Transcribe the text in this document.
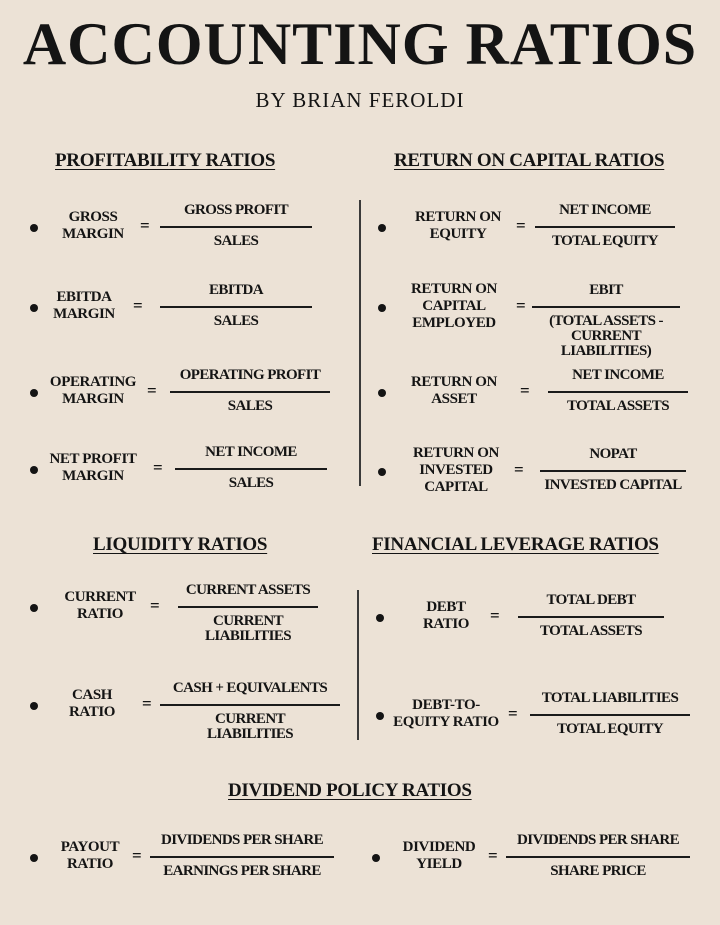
ACCOUNTING RATIOS
BY BRIAN FEROLDI
PROFITABILITY RATIOS	RETURN ON CAPITAL RATIOS
LIQUIDITY RATIOS	FINANCIAL LEVERAGE RATIOS
DIVIDEND POLICY RATIOS
GROSS
MARGIN =
GROSS PROFIT
SALES
EBITDA
MARGIN	=
EBITDA
SALES
OPERATING
MARGIN	=
OPERATING PROFIT
SALES
NET PROFIT
MARGIN	=
NET INCOME
SALES
RETURN ON
EQUITY	=
NET INCOME
TOTAL EQUITY
RETURN ON
CAPITAL
EMPLOYED
=
EBIT
(TOTAL ASSETS -
CURRENT LIABILITIES)
RETURN ON
ASSET	=
NET INCOME
TOTAL ASSETS
RETURN ON
INVESTED
CAPITAL
=
NOPAT
INVESTED CAPITAL
CURRENT
RATIO	=
CURRENT ASSETS
CURRENT
LIABILITIES
CASH
RATIO	=
CASH + EQUIVALENTS
CURRENT
LIABILITIES
DEBT
RATIO	=
TOTAL DEBT
TOTAL ASSETS
DEBT-TO-
EQUITY RATIO =
TOTAL LIABILITIES
TOTAL EQUITY
PAYOUT
RATIO	=
DIVIDENDS PER SHARE
EARNINGS PER SHARE
DIVIDEND
YIELD	=
DIVIDENDS PER SHARE
SHARE PRICE
